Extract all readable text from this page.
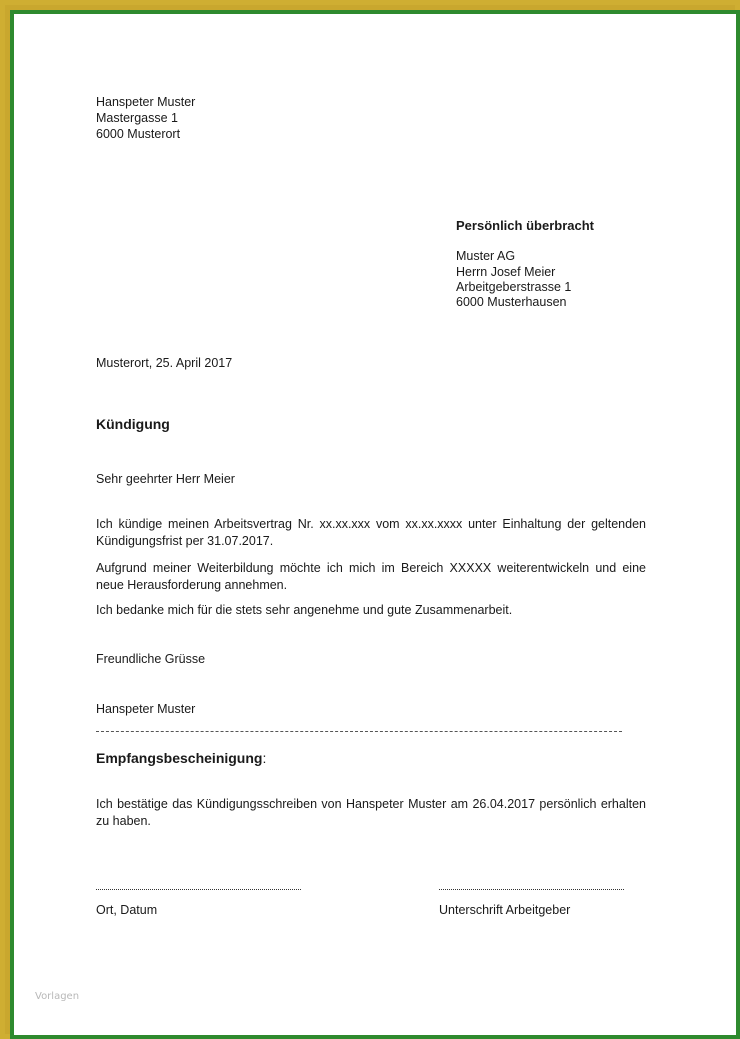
Hanspeter Muster
Mastergasse 1
6000 Musterort
Persönlich überbracht
Muster AG
Herrn Josef Meier
Arbeitgeberstrasse 1
6000 Musterhausen
Musterort, 25. April 2017
Kündigung
Sehr geehrter Herr Meier
Ich kündige meinen Arbeitsvertrag Nr. xx.xx.xxx vom xx.xx.xxxx unter Einhaltung der geltenden Kündigungsfrist per 31.07.2017.
Aufgrund meiner Weiterbildung möchte ich mich im Bereich XXXXX weiterentwickeln und eine neue Herausforderung annehmen.
Ich bedanke mich für die stets sehr angenehme und gute Zusammenarbeit.
Freundliche Grüsse
Hanspeter Muster
Empfangsbescheinigung:
Ich bestätige das Kündigungsschreiben von Hanspeter Muster am 26.04.2017 persönlich erhalten zu haben.
Ort, Datum	Unterschrift Arbeitgeber
Vorlagen
